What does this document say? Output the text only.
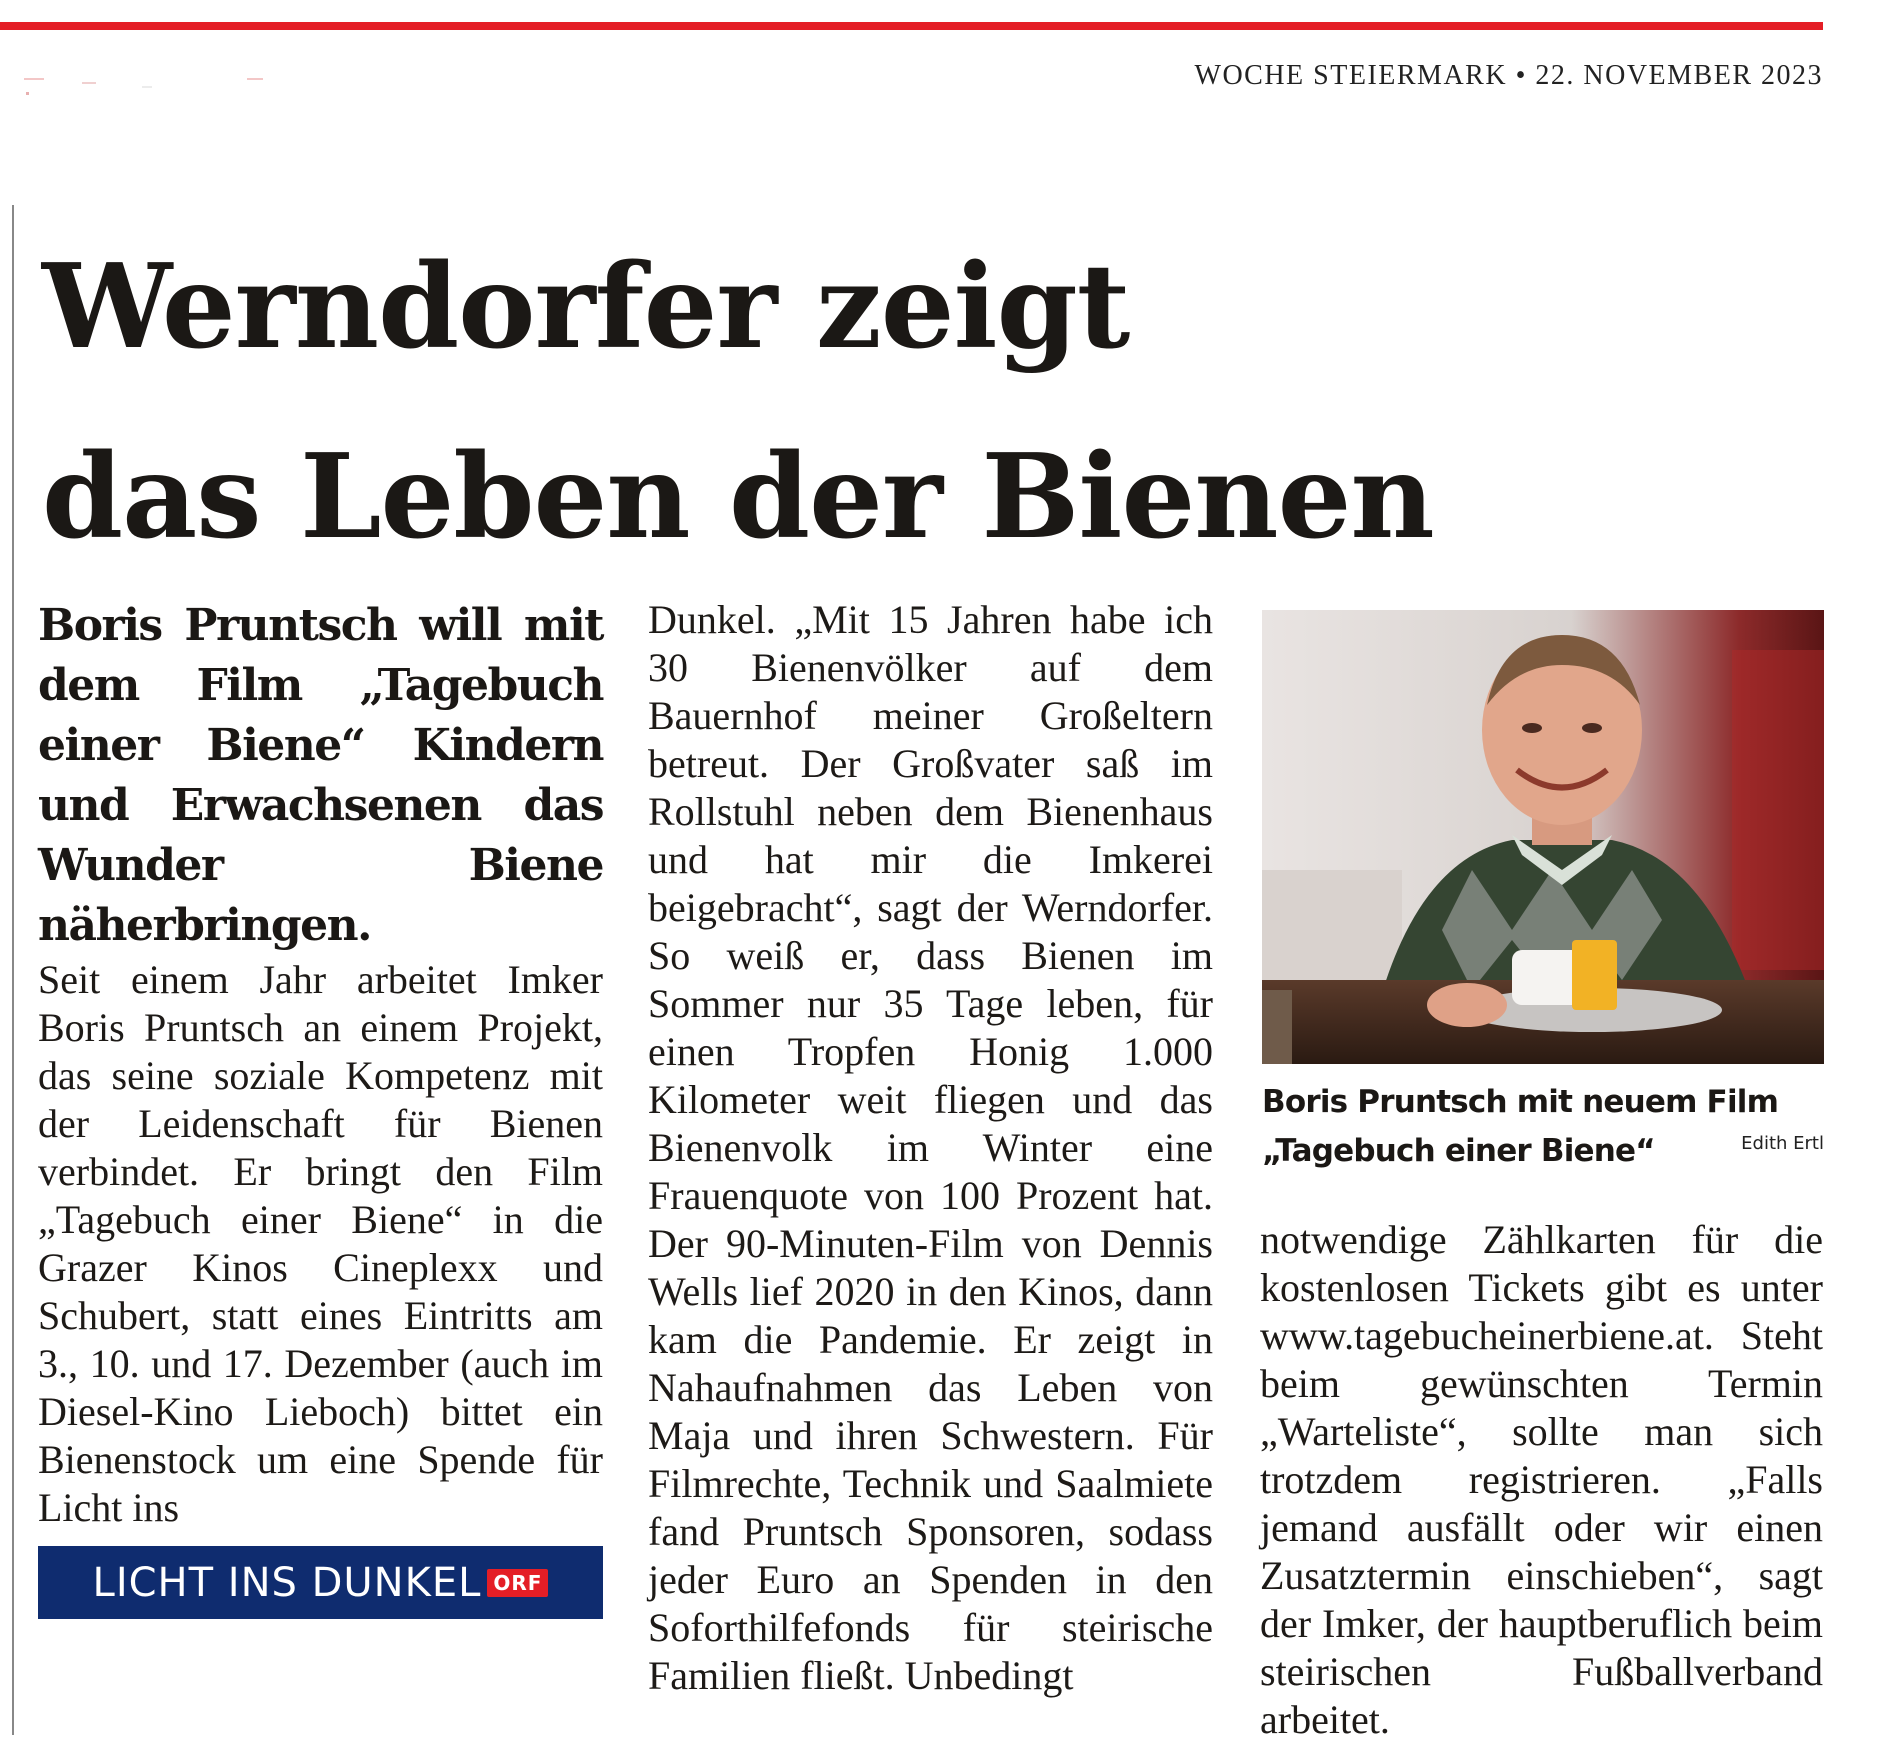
WOCHE STEIERMARK • 22. NOVEMBER 2023
Werndorfer zeigt
das Leben der Bienen

Boris Pruntsch will mit dem Film „Tagebuch einer Biene“ Kindern und Erwachsenen das Wunder Biene näherbringen.

Seit einem Jahr arbeitet Imker Boris Pruntsch an einem Projekt, das seine soziale Kompetenz mit der Leidenschaft für Bienen verbindet. Er bringt den Film „Tagebuch einer Biene“ in die Grazer Kinos Cineplexx und Schubert, statt eines Eintritts am 3., 10. und 17. Dezember (auch im Diesel-Kino Lieboch) bittet ein Bienenstock um eine Spende für Licht ins

LICHT INS DUNKEL ORF

Dunkel. „Mit 15 Jahren habe ich 30 Bienenvölker auf dem Bauernhof meiner Großeltern betreut. Der Großvater saß im Rollstuhl neben dem Bienenhaus und hat mir die Imkerei beigebracht“, sagt der Werndorfer. So weiß er, dass Bienen im Sommer nur 35 Tage leben, für einen Tropfen Honig 1.000 Kilometer weit fliegen und das Bienenvolk im Winter eine Frauenquote von 100 Prozent hat. Der 90-Minuten-Film von Dennis Wells lief 2020 in den Kinos, dann kam die Pandemie. Er zeigt in Nahaufnahmen das Leben von Maja und ihren Schwestern. Für Filmrechte, Technik und Saalmiete fand Pruntsch Sponsoren, sodass jeder Euro an Spenden in den Soforthilfefonds für steirische Familien fließt. Unbedingt

Boris Pruntsch mit neuem Film
„Tagebuch einer Biene“	Edith Ertl

notwendige Zählkarten für die kostenlosen Tickets gibt es unter www.tagebucheinerbiene.at. Steht beim gewünschten Termin „Warteliste“, sollte man sich trotzdem registrieren. „Falls jemand ausfällt oder wir einen Zusatztermin einschieben“, sagt der Imker, der hauptberuflich beim steirischen Fußballverband arbeitet.
